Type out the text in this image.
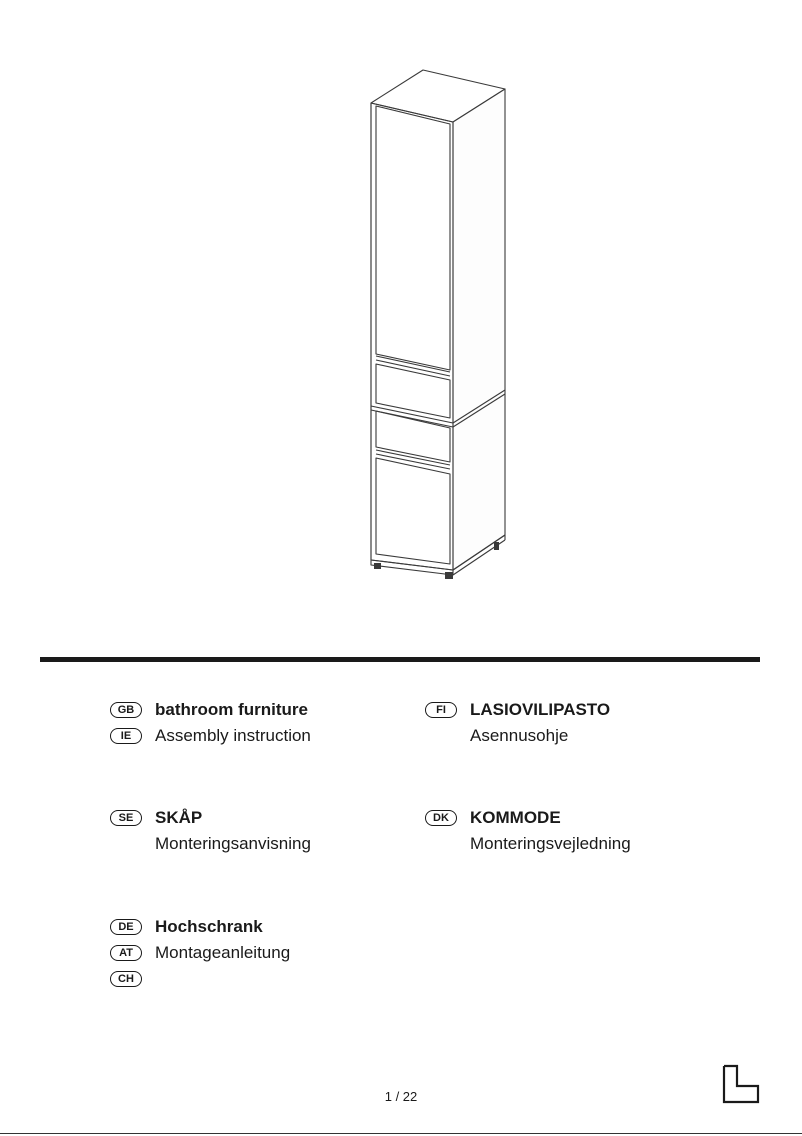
GB	bathroom furniture
IE	Assembly instruction
FI	LASIOVILIPASTO
Asennusohje
SE	SKÅP
Monteringsanvisning
DK	KOMMODE
Monteringsvejledning
DE	Hochschrank
AT	Montageanleitung
CH
1 / 22
